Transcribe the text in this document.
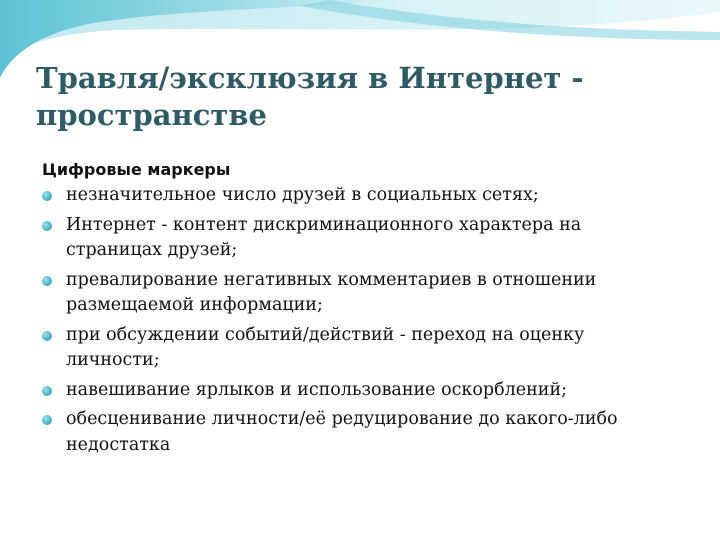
Травля/эксклюзия в Интернет - пространстве
Цифровые маркеры
незначительное число друзей в социальных сетях;
Интернет - контент дискриминационного характера на страницах друзей;
превалирование негативных комментариев в отношении размещаемой информации;
при обсуждении событий/действий - переход на оценку личности;
навешивание ярлыков и использование оскорблений;
обесценивание личности/её редуцирование до какого-либо недостатка
